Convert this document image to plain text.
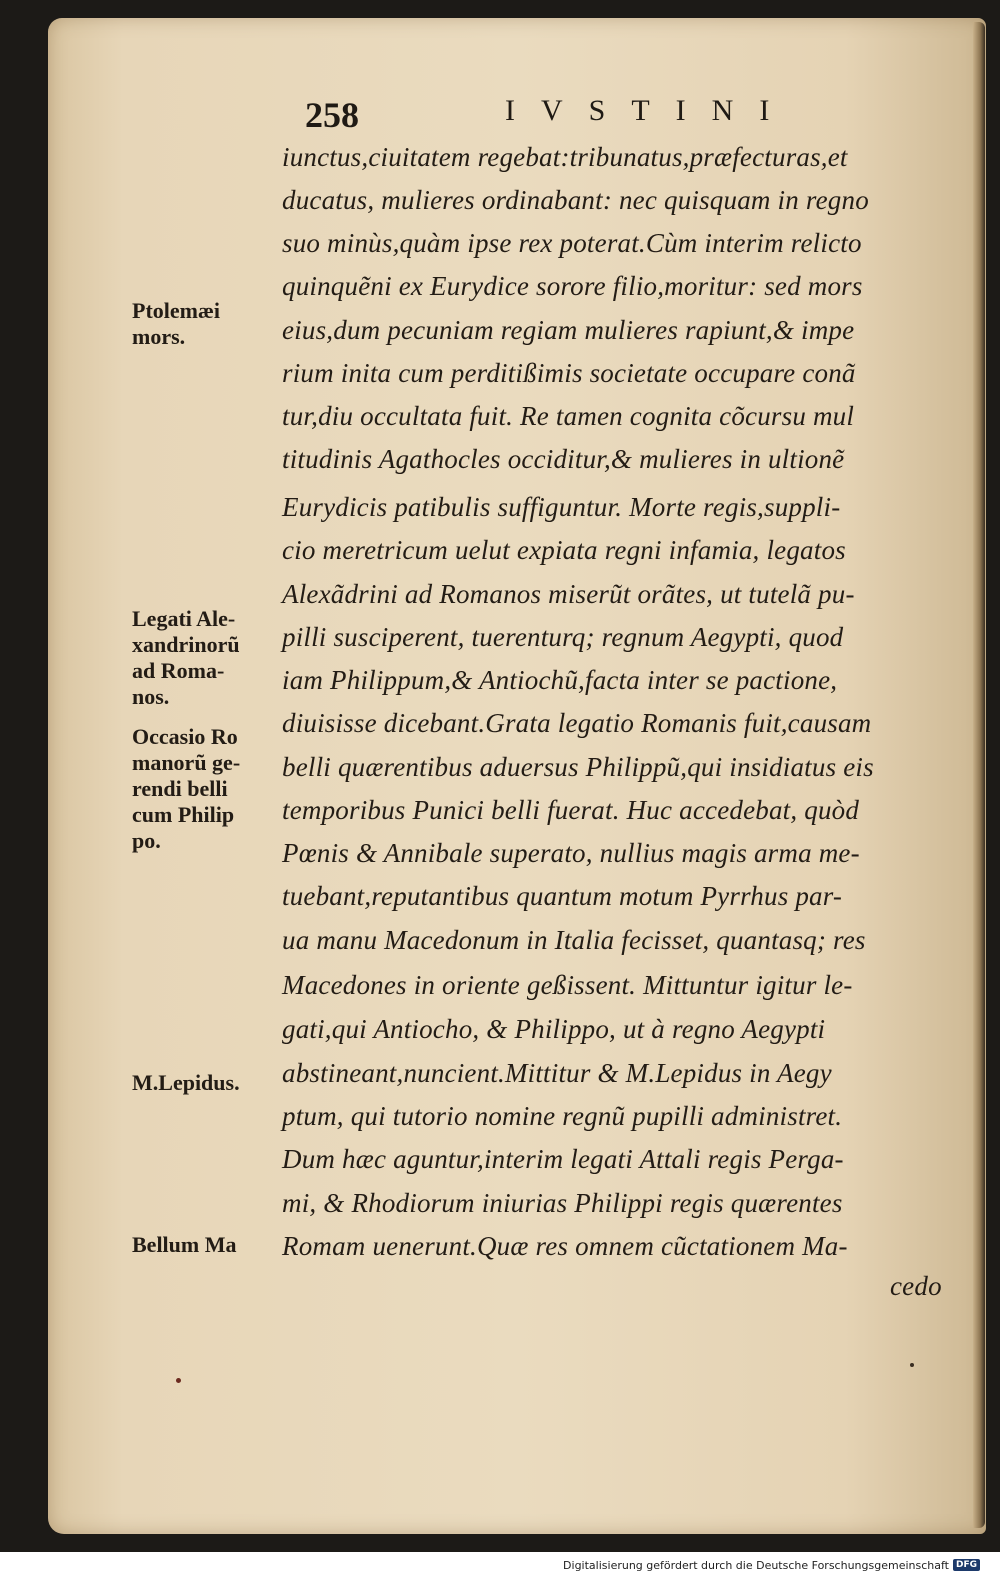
258	IVSTINI
iunctus,ciuitatem regebat:tribunatus,præfecturas,et
ducatus, mulieres ordinabant: nec quisquam in regno
suo minùs,quàm ipse rex poterat.Cùm interim relicto
quinquẽni ex Eurydice sorore filio,moritur: sed mors
eius,dum pecuniam regiam mulieres rapiunt,& impe
rium inita cum perditißimis societate occupare conã
tur,diu occultata fuit. Re tamen cognita cõcursu mul
titudinis Agathocles occiditur,& mulieres in ultionẽ
Eurydicis patibulis suffiguntur. Morte regis,suppli-
cio meretricum uelut expiata regni infamia, legatos
Alexãdrini ad Romanos miserũt orãtes, ut tutelã pu-
pilli susciperent, tuerenturq; regnum Aegypti, quod
iam Philippum,& Antiochũ,facta inter se pactione,
diuisisse dicebant.Grata legatio Romanis fuit,causam
belli quærentibus aduersus Philippũ,qui insidiatus eis
temporibus Punici belli fuerat. Huc accedebat, quòd
Pœnis & Annibale superato, nullius magis arma me-
tuebant,reputantibus quantum motum Pyrrhus par-
ua manu Macedonum in Italia fecisset, quantasq; res
Macedones in oriente geßissent. Mittuntur igitur le-
gati,qui Antiocho, & Philippo, ut à regno Aegypti
abstineant,nuncient.Mittitur & M.Lepidus in Aegy
ptum, qui tutorio nomine regnũ pupilli administret.
Dum hæc aguntur,interim legati Attali regis Perga-
mi, & Rhodiorum iniurias Philippi regis quærentes
Romam uenerunt.Quæ res omnem cũctationem Ma-
cedo
Ptolemæi
mors.
Legati Ale-
xandrinorũ
ad Roma-
nos.
Occasio Ro
manorũ ge-
rendi belli
cum Philip
po.
M.Lepidus.
Bellum Ma
Digitalisierung gefördert durch die Deutsche Forschungsgemeinschaft DFG
